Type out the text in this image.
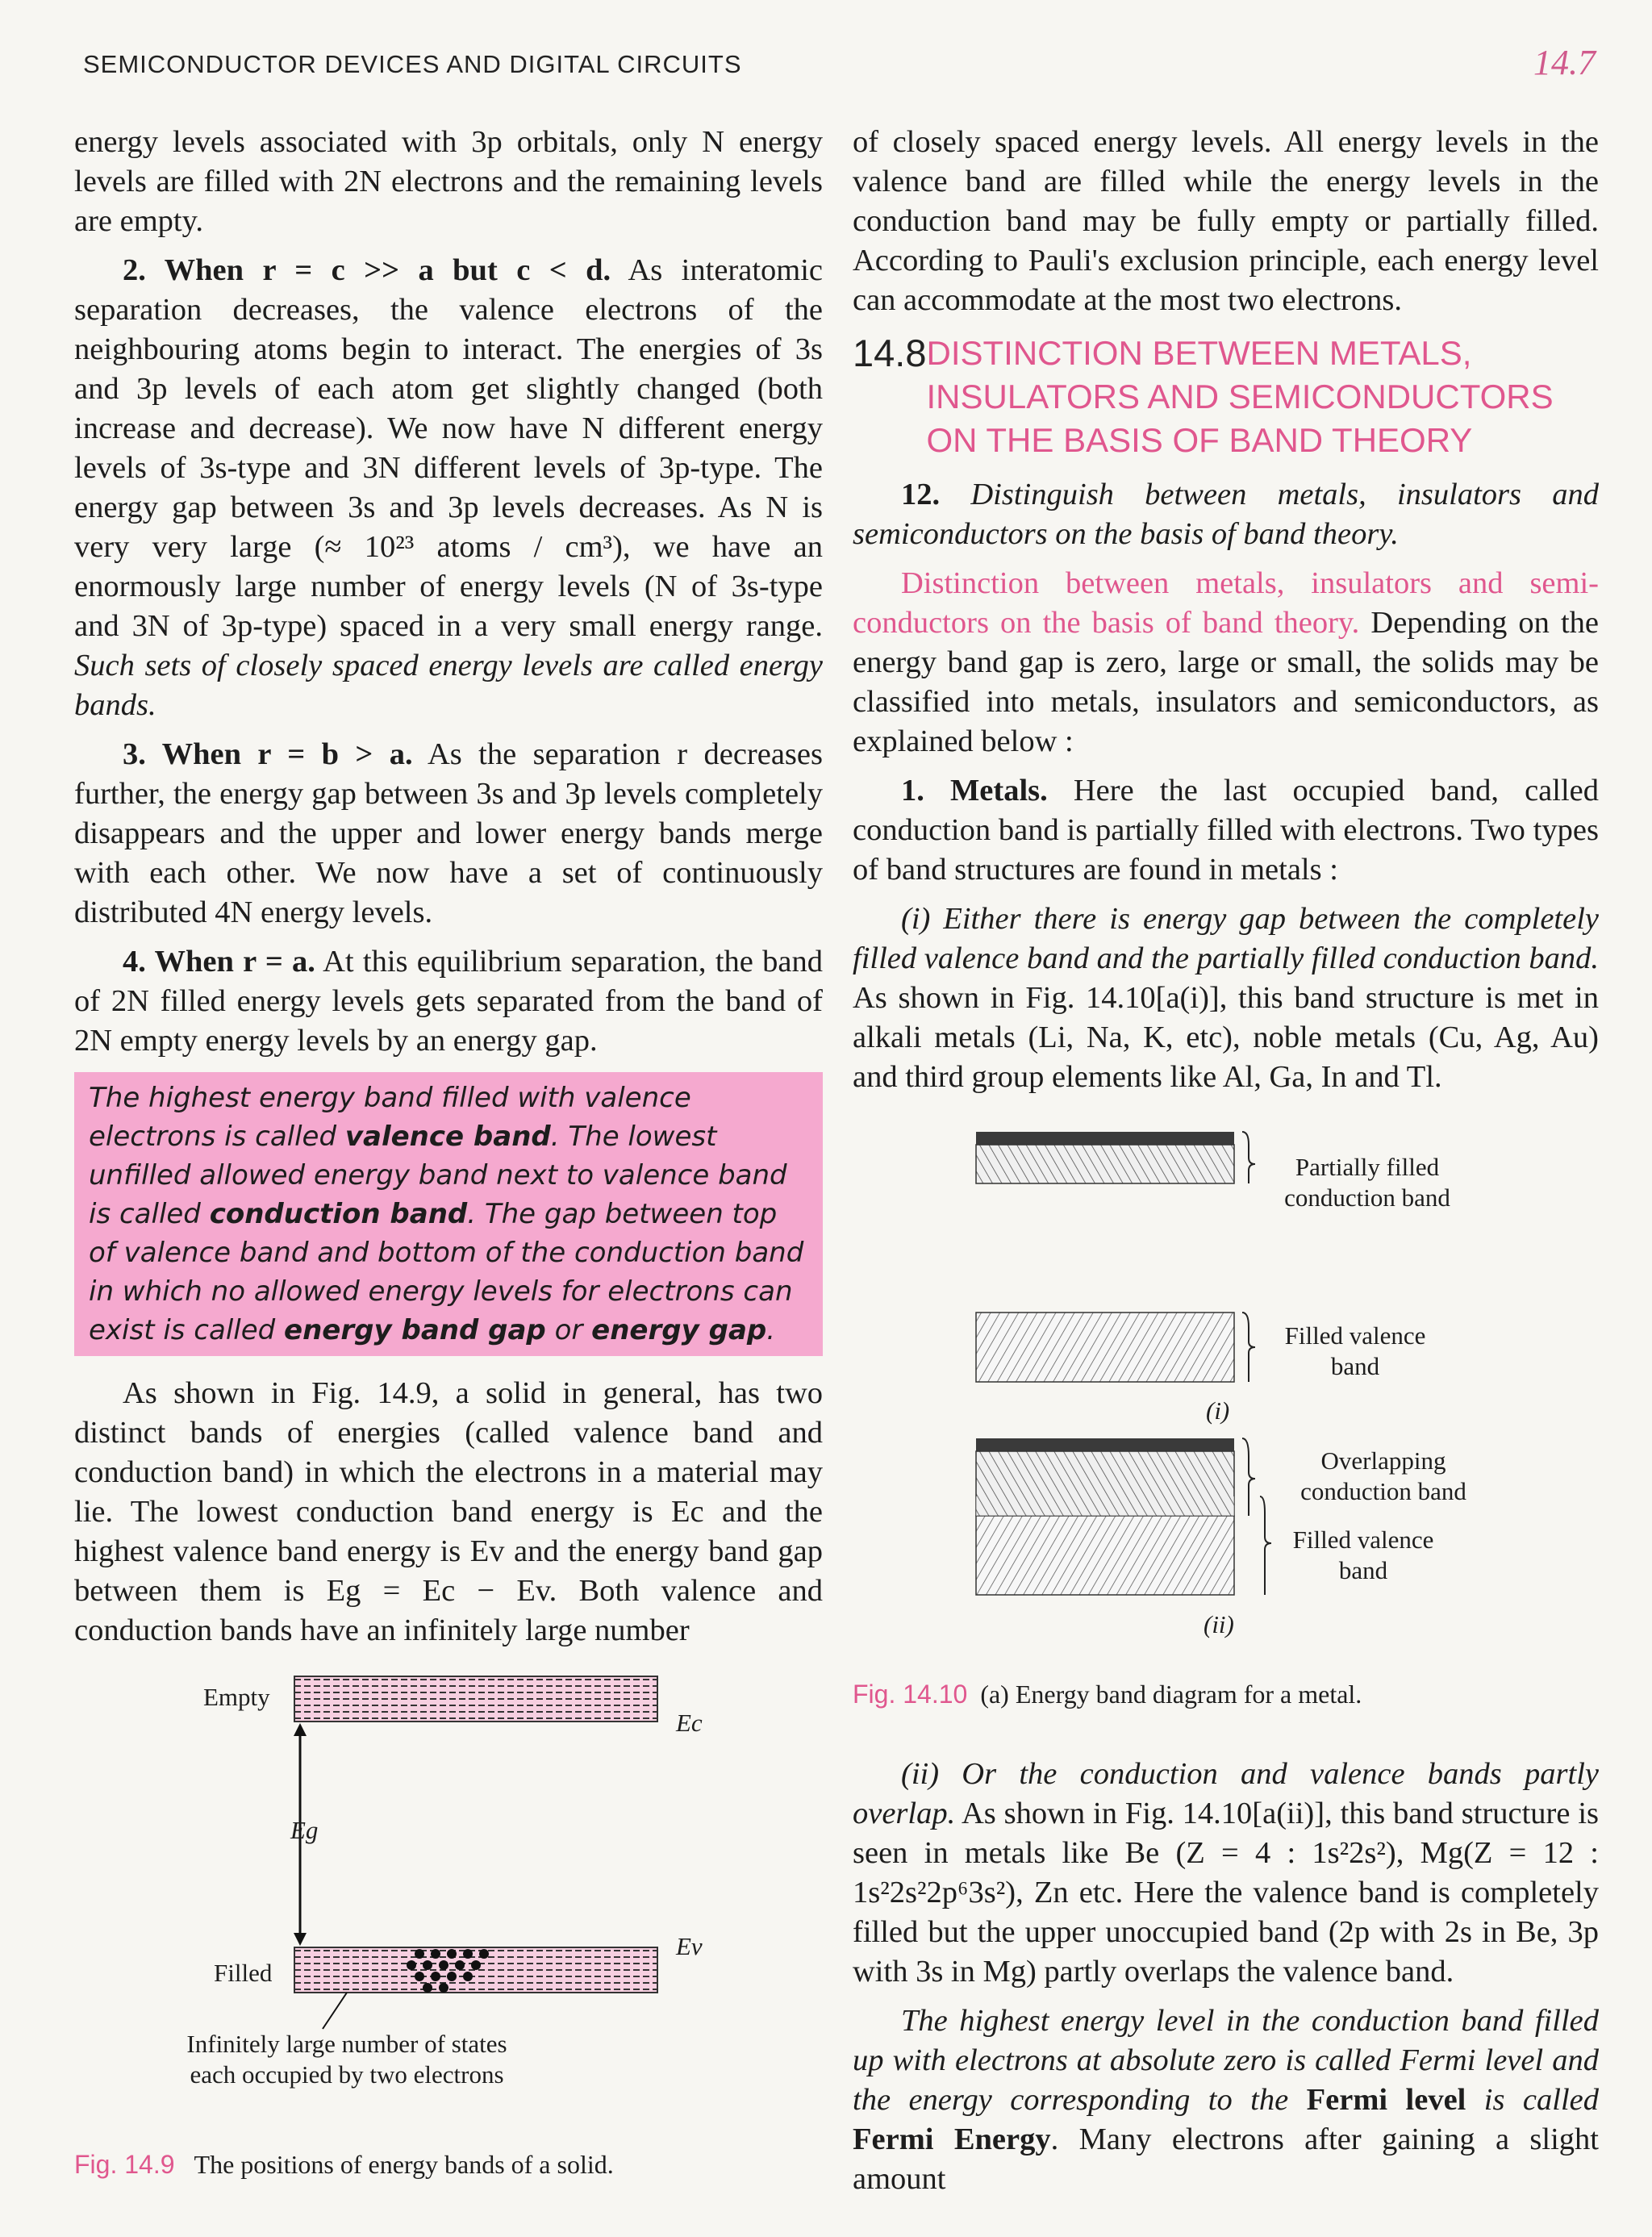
SEMICONDUCTOR DEVICES AND DIGITAL CIRCUITS	14.7

energy levels associated with 3p orbitals, only N energy levels are filled with 2N electrons and the remaining levels are empty.

2. When r = c >> a but c < d. As interatomic separation decreases, the valence electrons of the neighbouring atoms begin to interact. The energies of 3s and 3p levels of each atom get slightly changed (both increase and decrease). We now have N different energy levels of 3s-type and 3N different levels of 3p-type. The energy gap between 3s and 3p levels decreases. As N is very very large (≈ 10²³ atoms / cm³), we have an enormously large number of energy levels (N of 3s-type and 3N of 3p-type) spaced in a very small energy range. Such sets of closely spaced energy levels are called energy bands.

3. When r = b > a. As the separation r decreases further, the energy gap between 3s and 3p levels completely disappears and the upper and lower energy bands merge with each other. We now have a set of continuously distributed 4N energy levels.

4. When r = a. At this equilibrium separation, the band of 2N filled energy levels gets separated from the band of 2N empty energy levels by an energy gap.

The highest energy band filled with valence electrons is called valence band. The lowest unfilled allowed energy band next to valence band is called conduction band. The gap between top of valence band and bottom of the conduction band in which no allowed energy levels for electrons can exist is called energy band gap or energy gap.

As shown in Fig. 14.9, a solid in general, has two distinct bands of energies (called valence band and conduction band) in which the electrons in a material may lie. The lowest conduction band energy is Ec and the highest valence band energy is Ev and the energy band gap between them is Eg = Ec − Ev. Both valence and conduction bands have an infinitely large number

Empty
Filled
Ec
Eg
Ev
Infinitely large number of states each occupied by two electrons
Fig. 14.9 The positions of energy bands of a solid.

of closely spaced energy levels. All energy levels in the valence band are filled while the energy levels in the conduction band may be fully empty or partially filled. According to Pauli's exclusion principle, each energy level can accommodate at the most two electrons.

14.8 DISTINCTION BETWEEN METALS, INSULATORS AND SEMICONDUCTORS ON THE BASIS OF BAND THEORY

12. Distinguish between metals, insulators and semiconductors on the basis of band theory.

Distinction between metals, insulators and semi-conductors on the basis of band theory. Depending on the energy band gap is zero, large or small, the solids may be classified into metals, insulators and semiconductors, as explained below :

1. Metals. Here the last occupied band, called conduction band is partially filled with electrons. Two types of band structures are found in metals :

(i) Either there is energy gap between the completely filled valence band and the partially filled conduction band. As shown in Fig. 14.10[a(i)], this band structure is met in alkali metals (Li, Na, K, etc), noble metals (Cu, Ag, Au) and third group elements like Al, Ga, In and Tl.

Partially filled conduction band
Filled valence band
(i)
Overlapping conduction band
Filled valence band
(ii)
Fig. 14.10 (a) Energy band diagram for a metal.

(ii) Or the conduction and valence bands partly overlap. As shown in Fig. 14.10[a(ii)], this band structure is seen in metals like Be (Z = 4 : 1s²2s²), Mg(Z = 12 : 1s²2s²2p⁶3s²), Zn etc. Here the valence band is completely filled but the upper unoccupied band (2p with 2s in Be, 3p with 3s in Mg) partly overlaps the valence band.

The highest energy level in the conduction band filled up with electrons at absolute zero is called Fermi level and the energy corresponding to the Fermi level is called Fermi Energy. Many electrons after gaining a slight amount
